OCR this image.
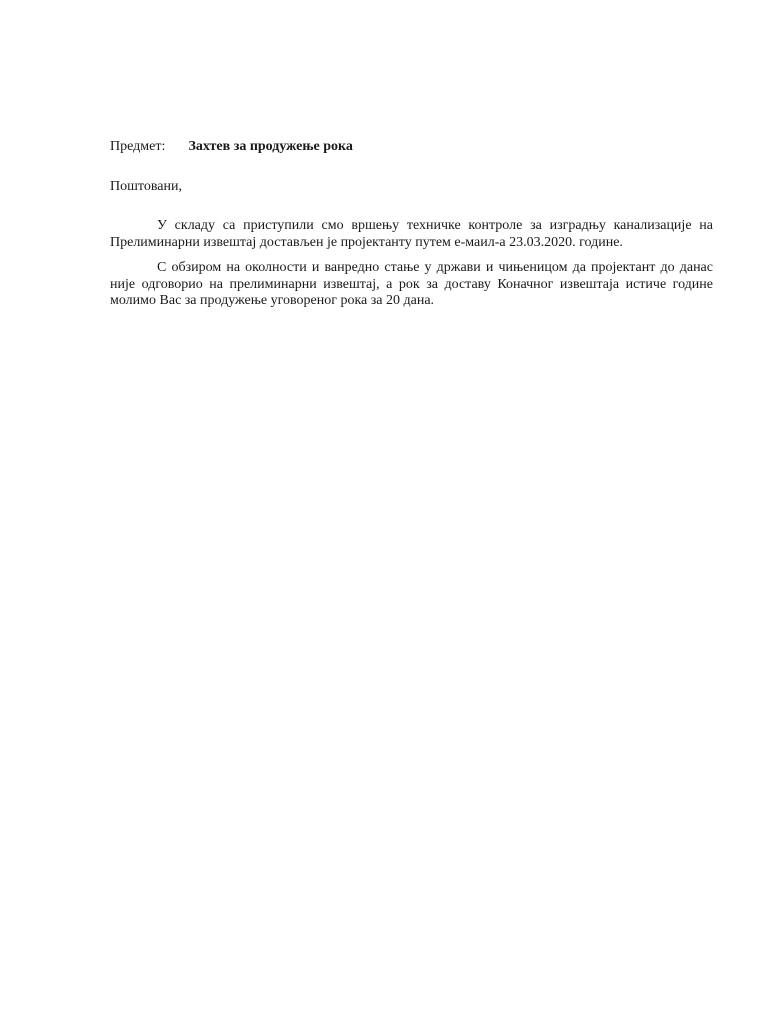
Предмет: Захтев за продужење рока
Поштовани,

У складу са приступили смо вршењу техничке контроле за изградњу канализације на Прелиминарни извештај достављен је пројектанту путем е-маил-а 23.03.2020. године.

С обзиром на околности и ванредно стање у држави и чињеницом да пројектант до данас није одговорио на прелиминарни извештај, а рок за доставу Коначног извештаја истиче године молимо Вас за продужење уговореног рока за 20 дана.
